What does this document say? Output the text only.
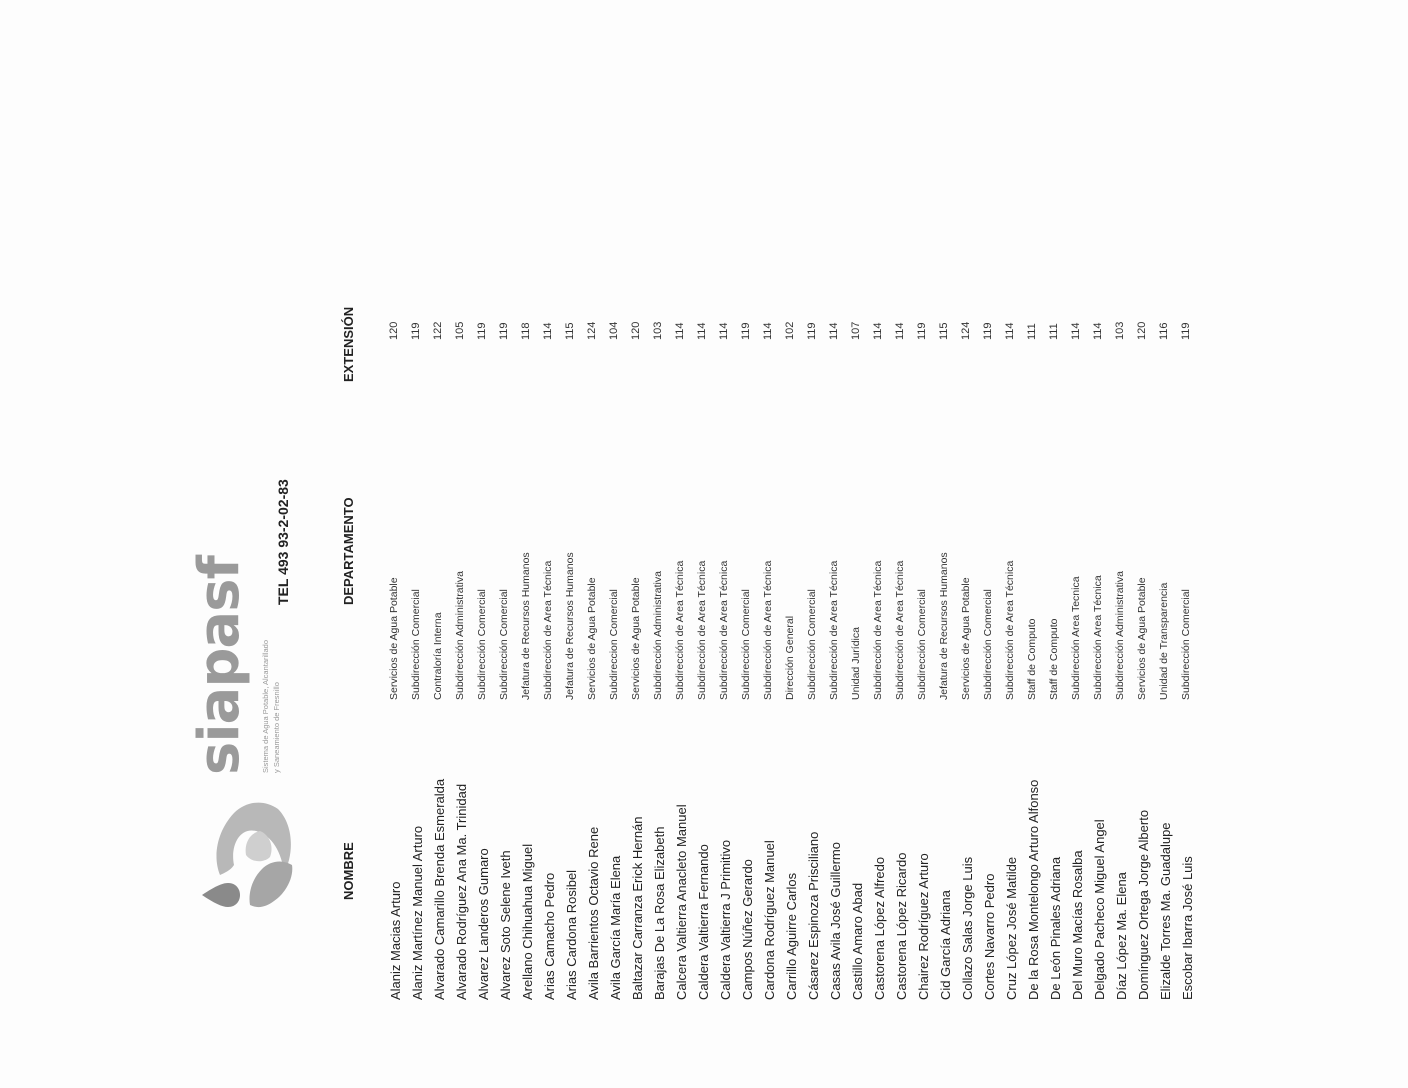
siapasf Sistema de Agua Potable, Alcantarillado y Saneamiento de Fresnillo
TEL 493 93-2-02-83
NOMBRE
DEPARTAMENTO
EXTENSIÓN
Alaniz Macias Arturo
Servicios de Agua Potable
120
Alaniz Martínez Manuel Arturo
Subdirección Comercial
119
Alvarado Camarillo Brenda Esmeralda
Contraloría Interna
122
Alvarado Rodríguez Ana Ma. Trinidad
Subdirección Administrativa
105
Alvarez Landeros Gumaro
Subdirección Comercial
119
Alvarez Soto Selene Iveth
Subdirección Comercial
119
Arellano Chihuahua Miguel
Jefatura de Recursos Humanos
118
Arias Camacho Pedro
Subdirección de Area Técnica
114
Arias Cardona Rosibel
Jefatura de Recursos Humanos
115
Avila Barrientos Octavio Rene
Servicios de Agua Potable
124
Avila García María Elena
Subdireccion Comercial
104
Baltazar Carranza Erick Hernán
Servicios de Agua Potable
120
Barajas De La Rosa Elizabeth
Subdirección Administrativa
103
Calcera Valtierra Anacleto Manuel
Subdirección de Area Técnica
114
Caldera Valtierra Fernando
Subdirección de Area Técnica
114
Caldera Valtierra J Primitivo
Subdirección de Area Técnica
114
Campos Núñez Gerardo
Subdirección Comercial
119
Cardona Rodríguez Manuel
Subdirección de Area Técnica
114
Carrillo Aguirre Carlos
Dirección General
102
Cásarez Espinoza Prisciliano
Subdirección Comercial
119
Casas Avila José Guillermo
Subdirección de Area Técnica
114
Castillo Amaro Abad
Unidad Jurídica
107
Castorena López Alfredo
Subdirección de Area Técnica
114
Castorena López Ricardo
Subdirección de Area Técnica
114
Chairez Rodríguez Arturo
Subdirección Comercial
119
Cid García Adriana
Jefatura de Recursos Humanos
115
Collazo Salas Jorge Luis
Servicios de Agua Potable
124
Cortes Navarro Pedro
Subdirección Comercial
119
Cruz López José Matilde
Subdirección de Area Técnica
114
De la Rosa Montelongo Arturo Alfonso
Staff de Computo
111
De León Pinales Adriana
Staff de Computo
111
Del Muro Macías Rosalba
Subdirección Area Tecnica
114
Delgado Pacheco Miguel Angel
Subdirección Area Técnica
114
Díaz López Ma. Elena
Subdirección Administrativa
103
Domínguez Ortega Jorge Alberto
Servicios de Agua Potable
120
Elizalde Torres Ma. Guadalupe
Unidad de Transparencia
116
Escobar Ibarra José Luis
Subdirección Comercial
119
